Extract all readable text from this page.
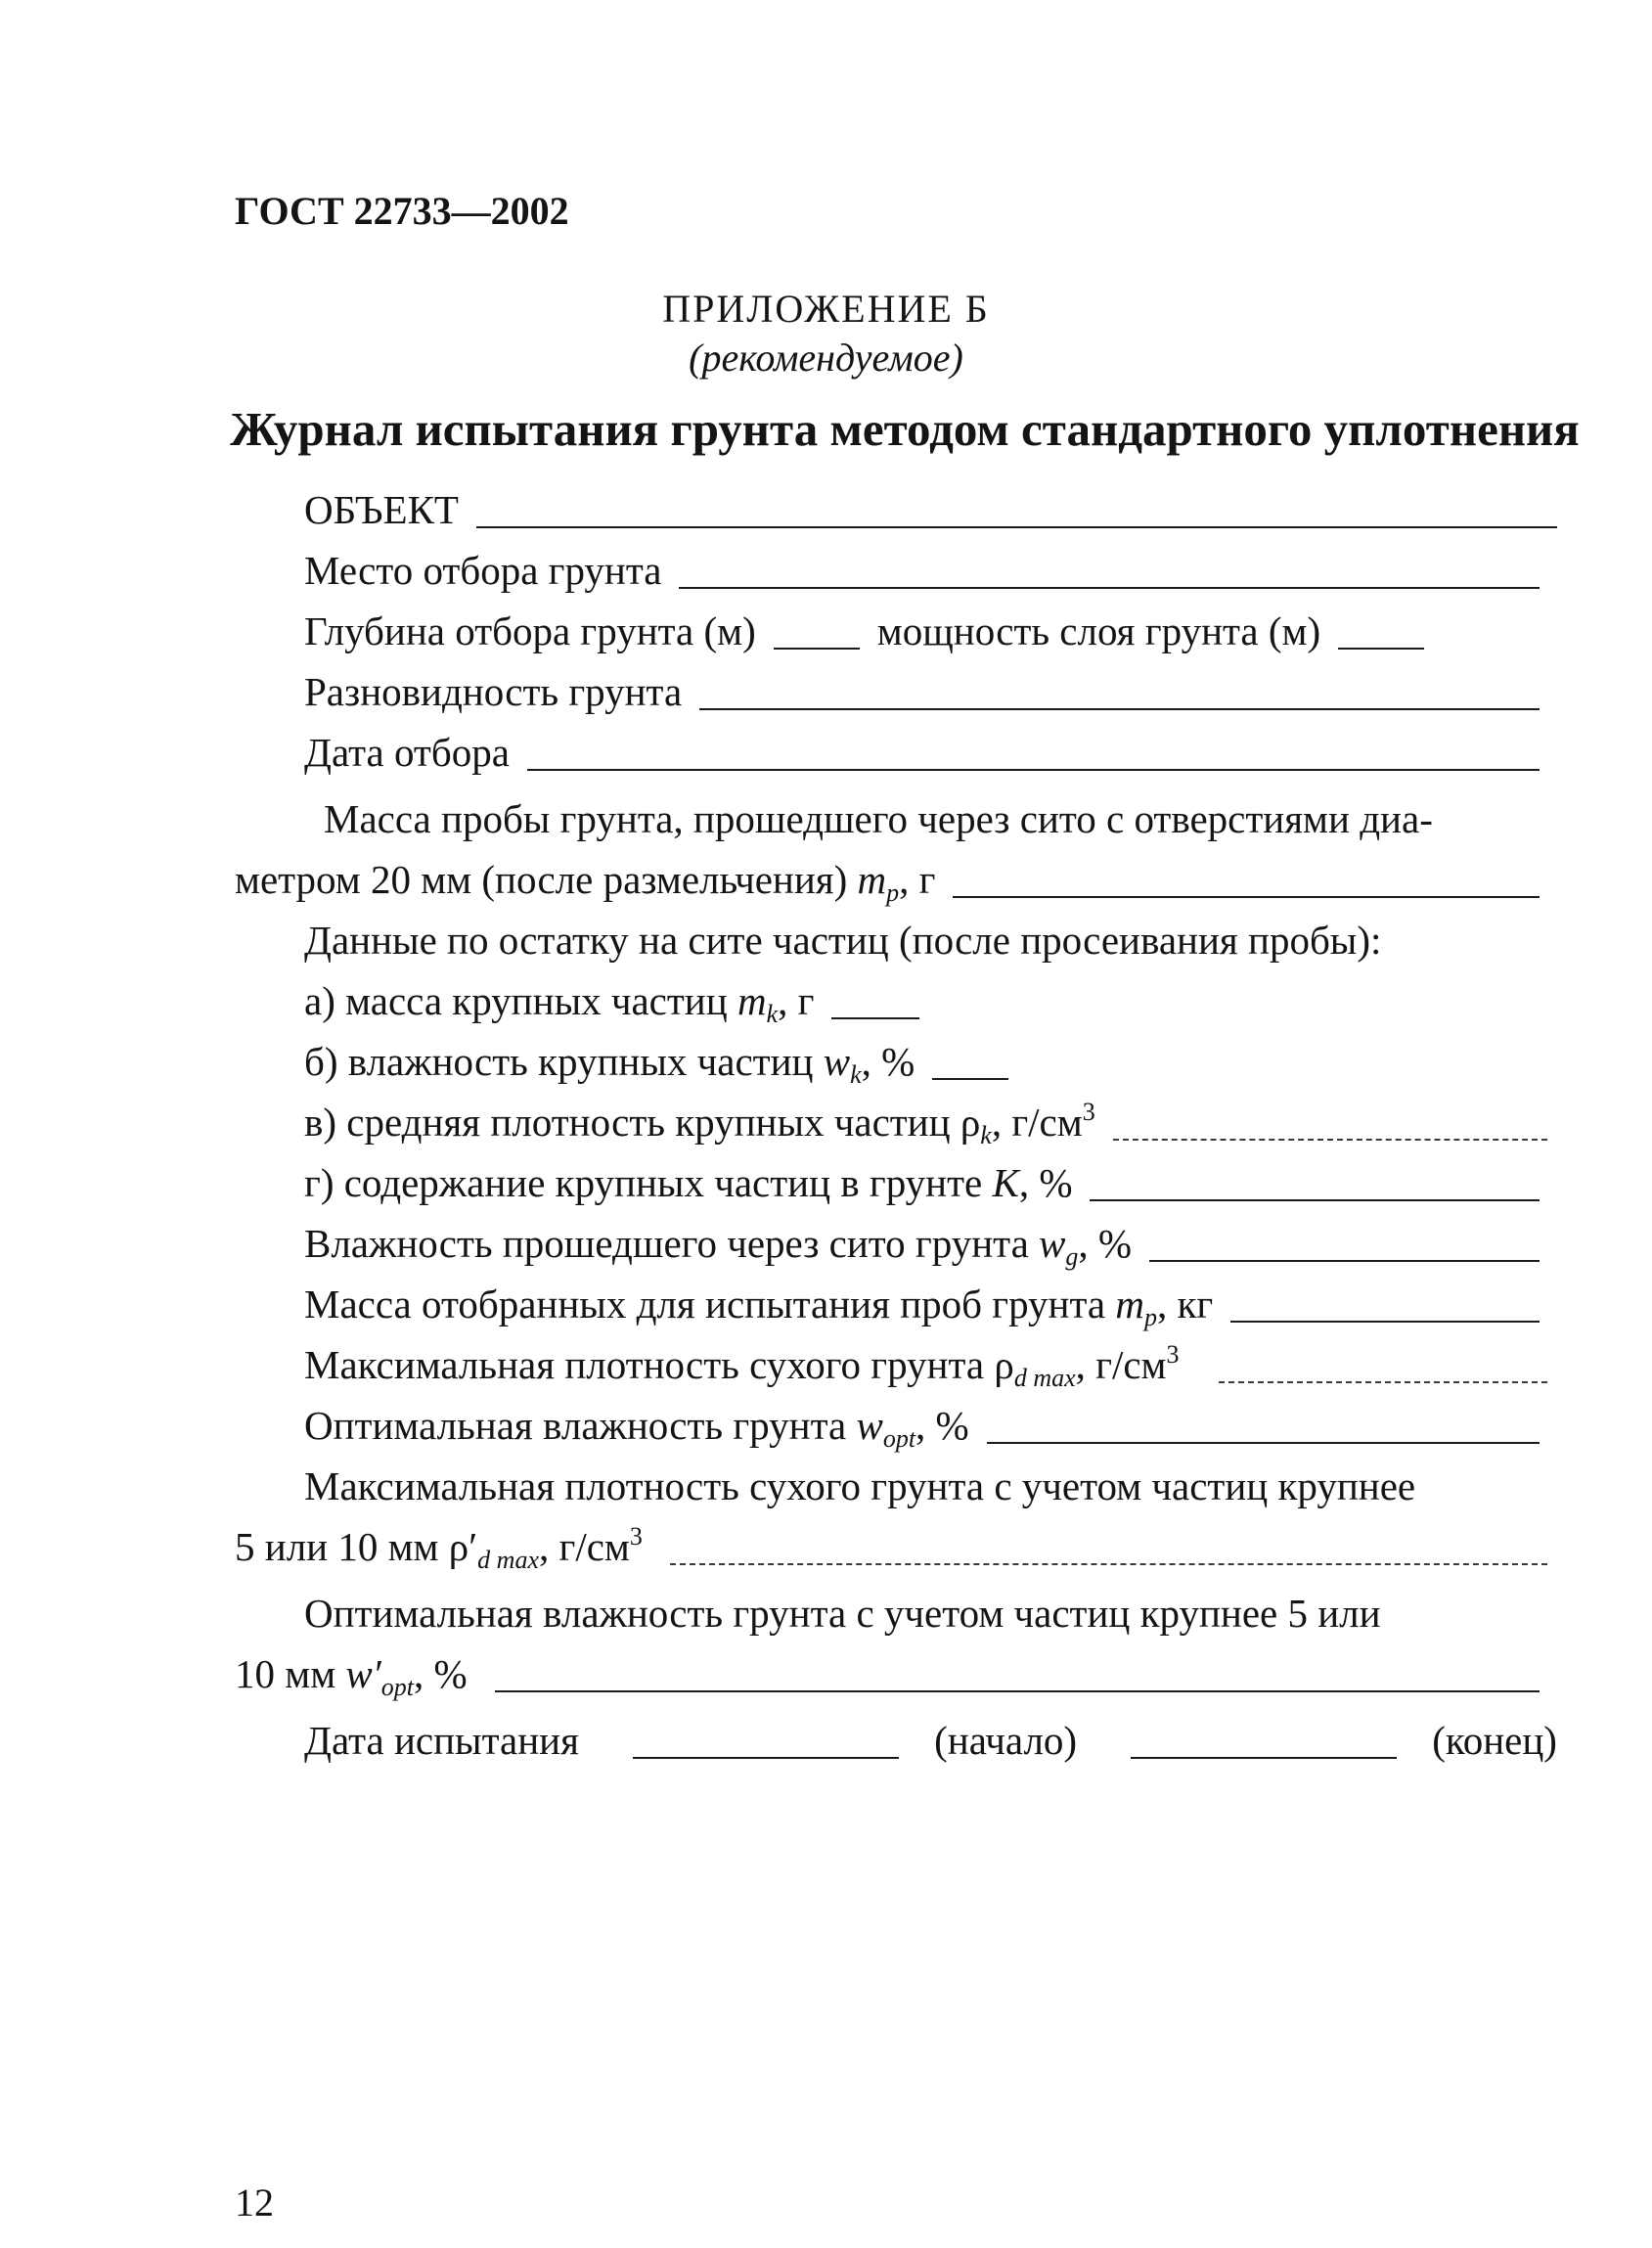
ГОСТ 22733—2002

ПРИЛОЖЕНИЕ Б

(рекомендуемое)

Журнал испытания грунта методом стандартного уплотнения
ОБЪЕКТ
Место отбора грунта
Глубина отбора грунта (м)	мощность слоя грунта (м)
Разновидность грунта
Дата отбора
Масса пробы грунта, прошедшего через сито с отверстиями диа-
метром 20 мм (после размельчения) $m_p$, г
Данные по остатку на сите частиц (после просеивания пробы):
а) масса крупных частиц $m_k$, г
б) влажность крупных частиц $w_k$, %
в) средняя плотность крупных частиц $\rho_k$, $г/см^3$
г) содержание крупных частиц в грунте K, %
Влажность прошедшего через сито грунта $w_g$, %
Масса отобранных для испытания проб грунта $m_p$, кг
Максимальная плотность сухого грунта $\rho_{d max}$, $г/см^3$
Оптимальная влажность грунта $w_{opt}$, %
Максимальная плотность сухого грунта с учетом частиц крупнее
5 или 10 мм $\rho'_{d max}$, $г/см^3$
Оптимальная влажность грунта с учетом частиц крупнее 5 или
10 мм $w'_{opt}$, %
Дата испытания	(начало)	(конец)

12
